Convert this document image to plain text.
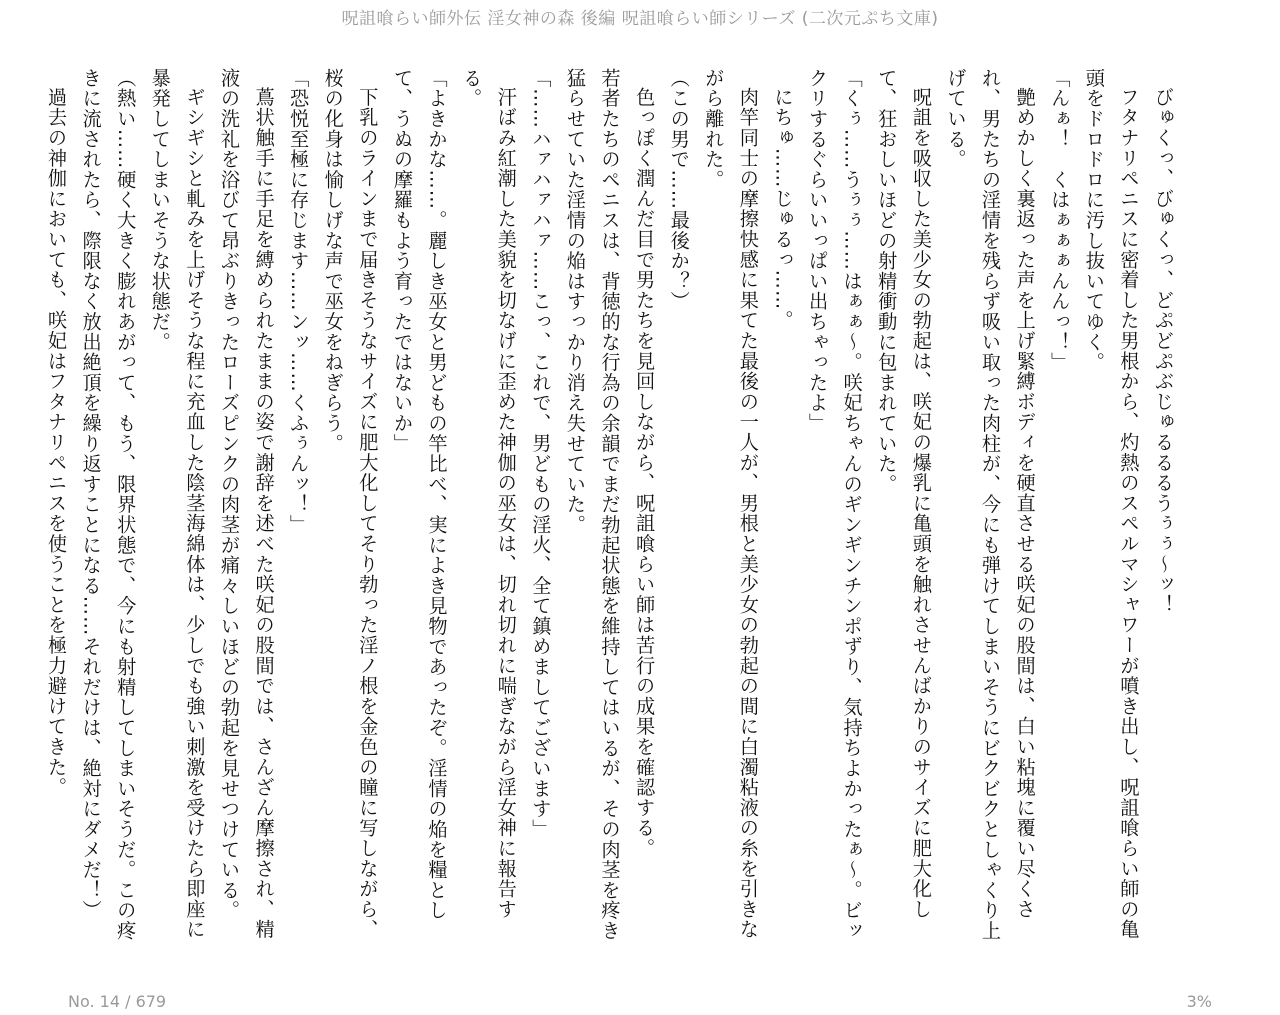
呪詛喰らい師外伝 淫女神の森 後編 呪詛喰らい師シリーズ (二次元ぷち文庫)

びゅくっ、びゅくっ、どぷどぷぶじゅるるるうぅぅ～ッ！

フタナリペニスに密着した男根から、灼熱のスペルマシャワーが噴き出し、呪詛喰らい師の亀頭をドロドロに汚し抜いてゆく。

「んぁ！　くはぁぁぁんんっ！」

艶めかしく裏返った声を上げ緊縛ボディを硬直させる咲妃の股間は、白い粘塊に覆い尽くされ、男たちの淫情を残らず吸い取った肉柱が、今にも弾けてしまいそうにビクビクとしゃくり上げている。

呪詛を吸収した美少女の勃起は、咲妃の爆乳に亀頭を触れさせんばかりのサイズに肥大化して、狂おしいほどの射精衝動に包まれていた。

「くぅ……うぅぅ……はぁぁ～。咲妃ちゃんのギンギンチンポずり、気持ちよかったぁ～。ビックリするぐらいいっぱい出ちゃったよ」

にちゅ……じゅるっ……。

肉竿同士の摩擦快感に果てた最後の一人が、男根と美少女の勃起の間に白濁粘液の糸を引きながら離れた。

（この男で……最後か？）

色っぽく潤んだ目で男たちを見回しながら、呪詛喰らい師は苦行の成果を確認する。

若者たちのペニスは、背徳的な行為の余韻でまだ勃起状態を維持してはいるが、その肉茎を疼き猛らせていた淫情の焔はすっかり消え失せていた。

「……ハァハァハァ……こっ、これで、男どもの淫火、全て鎮めましてございます」

汗ばみ紅潮した美貌を切なげに歪めた神伽の巫女は、切れ切れに喘ぎながら淫女神に報告する。

「よきかな……。麗しき巫女と男どもの竿比べ、実によき見物であったぞ。淫情の焔を糧として、うぬの摩羅もよう育ったではないか」

下乳のラインまで届きそうなサイズに肥大化してそり勃った淫ノ根を金色の瞳に写しながら、桜の化身は愉しげな声で巫女をねぎらう。

「恐悦至極に存じます……ンッ……くふぅんッ！」

蔦状触手に手足を縛められたままの姿で謝辞を述べた咲妃の股間では、さんざん摩擦され、精液の洗礼を浴びて昂ぶりきったローズピンクの肉茎が痛々しいほどの勃起を見せつけている。

ギシギシと軋みを上げそうな程に充血した陰茎海綿体は、少しでも強い刺激を受けたら即座に暴発してしまいそうな状態だ。

（熱い……硬く大きく膨れあがって、もう、限界状態で、今にも射精してしまいそうだ。この疼きに流されたら、際限なく放出絶頂を繰り返すことになる……それだけは、絶対にダメだ！）

過去の神伽においても、咲妃はフタナリペニスを使うことを極力避けてきた。

No. 14 / 679	3%
